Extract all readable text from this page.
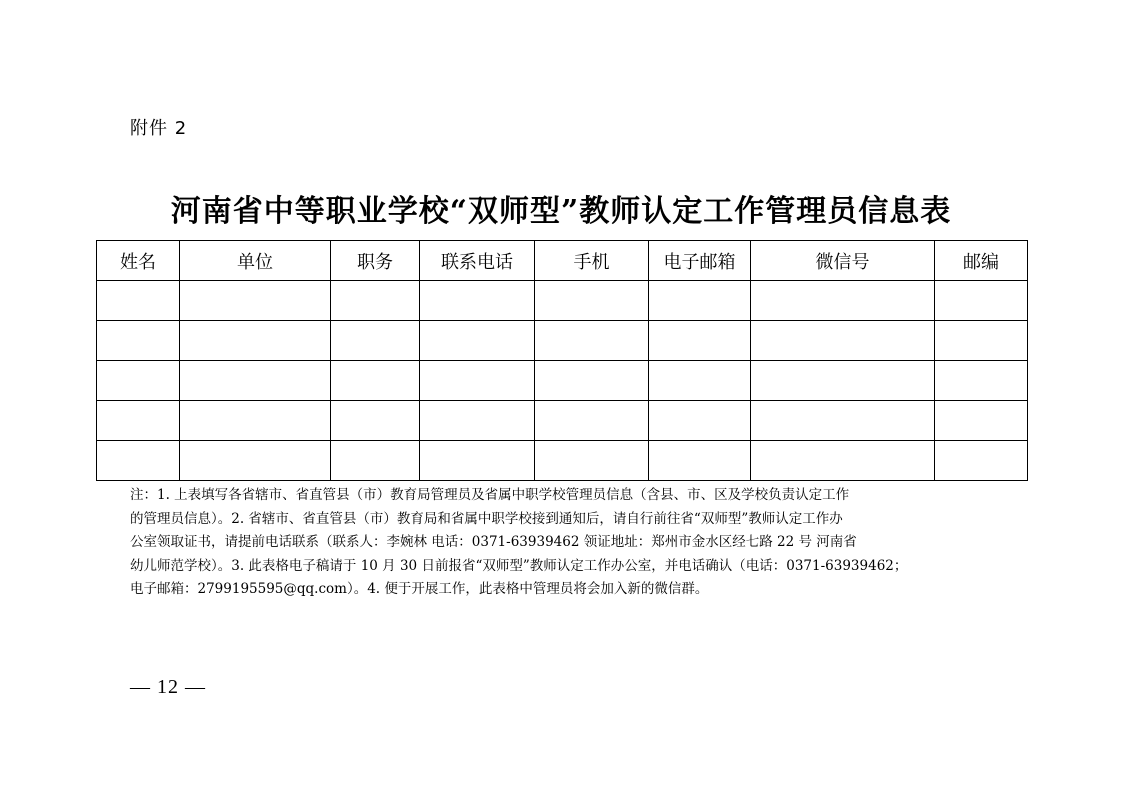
附件 2
河南省中等职业学校“双师型”教师认定工作管理员信息表
姓名	单位	职务	联系电话	手机	电子邮箱	微信号	邮编

注：1. 上表填写各省辖市、省直管县（市）教育局管理员及省属中职学校管理员信息（含县、市、区及学校负责认定工作

的管理员信息）。2. 省辖市、省直管县（市）教育局和省属中职学校接到通知后，请自行前往省“双师型”教师认定工作办

公室领取证书，请提前电话联系（联系人：李婉林 电话：0371-63939462 领证地址：郑州市金水区经七路 22 号 河南省

幼儿师范学校）。3. 此表格电子稿请于 10 月 30 日前报省“双师型”教师认定工作办公室，并电话确认（电话：0371-63939462；

电子邮箱：2799195595@qq.com）。4. 便于开展工作，此表格中管理员将会加入新的微信群。

— 12 —
